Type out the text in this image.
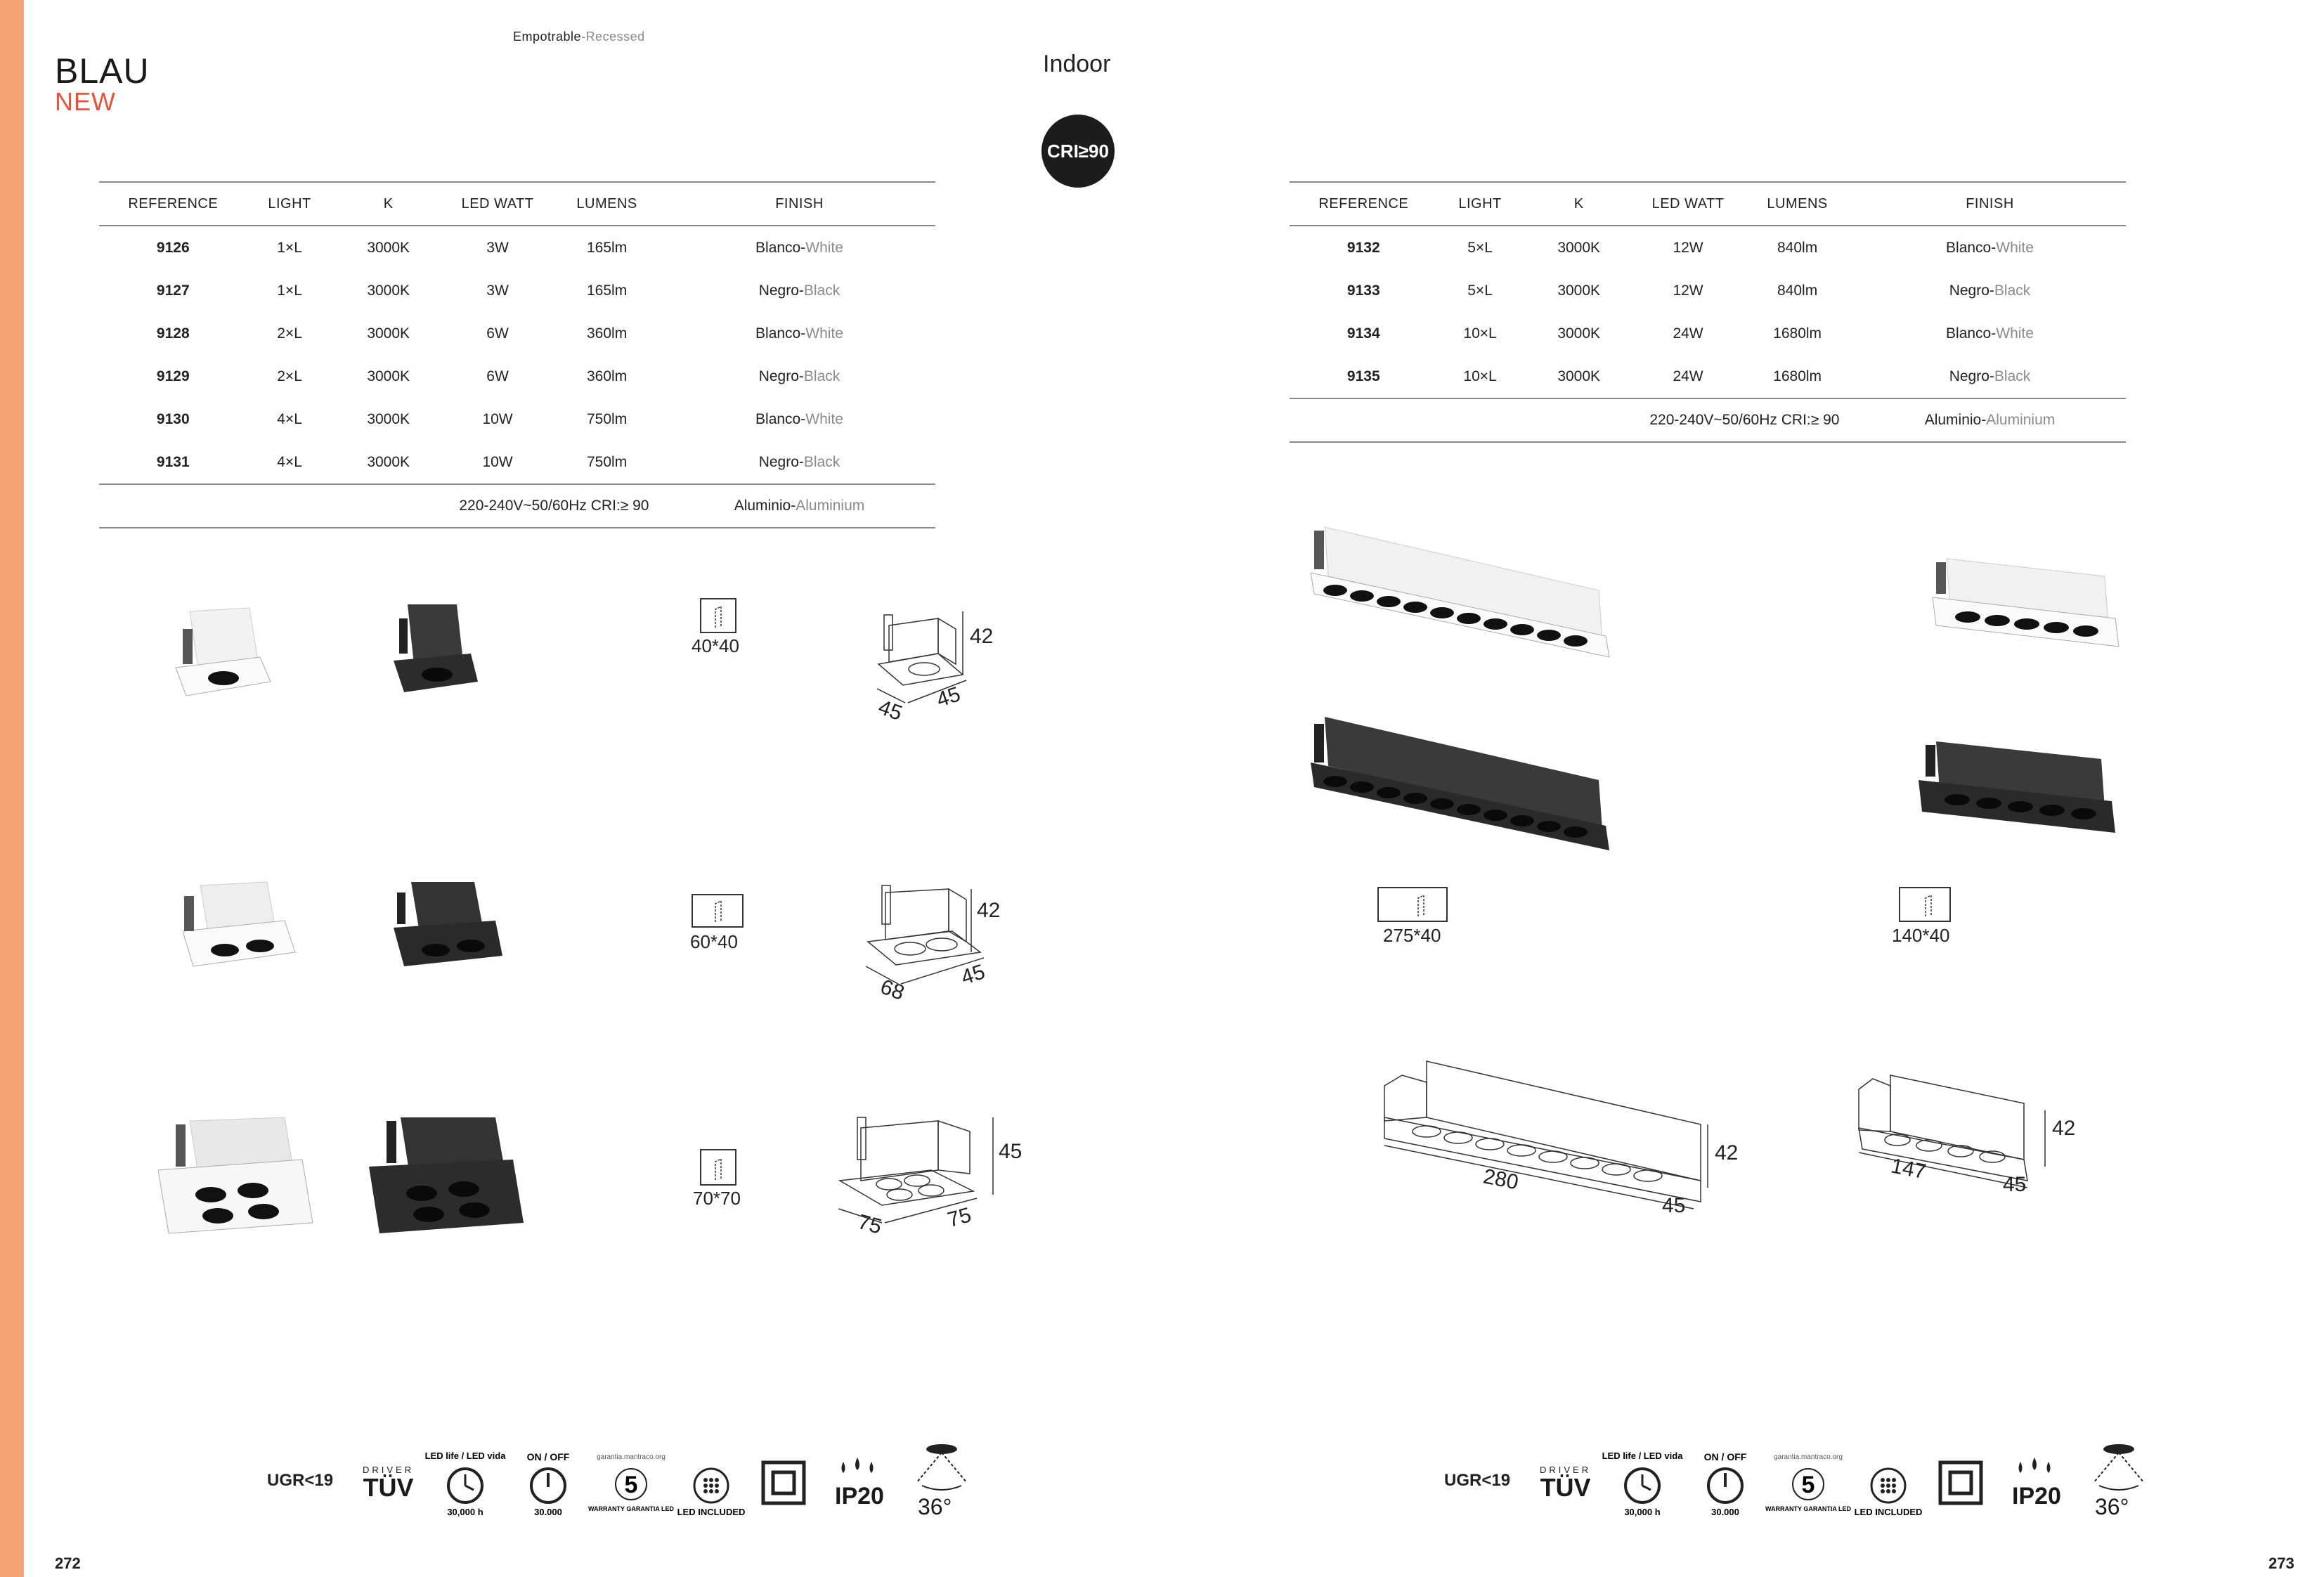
Empotrable-Recessed
BLAU
NEW
Indoor
CRI≥90
REFERENCE	LIGHT	K	LED WATT	LUMENS	FINISH
9126	1×L	3000K	3W	165lm	Blanco-White
9127	1×L	3000K	3W	165lm	Negro-Black
9128	2×L	3000K	6W	360lm	Blanco-White
9129	2×L	3000K	6W	360lm	Negro-Black
9130	4×L	3000K	10W	750lm	Blanco-White
9131	4×L	3000K	10W	750lm	Negro-Black
			220-240V~50/60Hz CRI:≥ 90		Aluminio-Aluminium
REFERENCE	LIGHT	K	LED WATT	LUMENS	FINISH
9132	5×L	3000K	12W	840lm	Blanco-White
9133	5×L	3000K	12W	840lm	Negro-Black
9134	10×L	3000K	24W	1680lm	Blanco-White
9135	10×L	3000K	24W	1680lm	Negro-Black
			220-240V~50/60Hz CRI:≥ 90		Aluminio-Aluminium
40*40
60*40
70*70
42
45 45
42
68
45
45
75	75
275*40	140*40
42
280
45
42
147
45
UGR<19
DRIVER
TÜV
LED life / LED vida
30,000 h
ON / OFF
30.000
5
garantia.mantraco.org
WARRANTY GARANTIA LED LED INCLUDED
IP20 36°
UGR<19
DRIVER
TÜV
LED life / LED vida
30,000 h
ON / OFF
30.000
5
garantia.mantraco.org
WARRANTY GARANTIA LED LED INCLUDED
IP20 36°
272	273
